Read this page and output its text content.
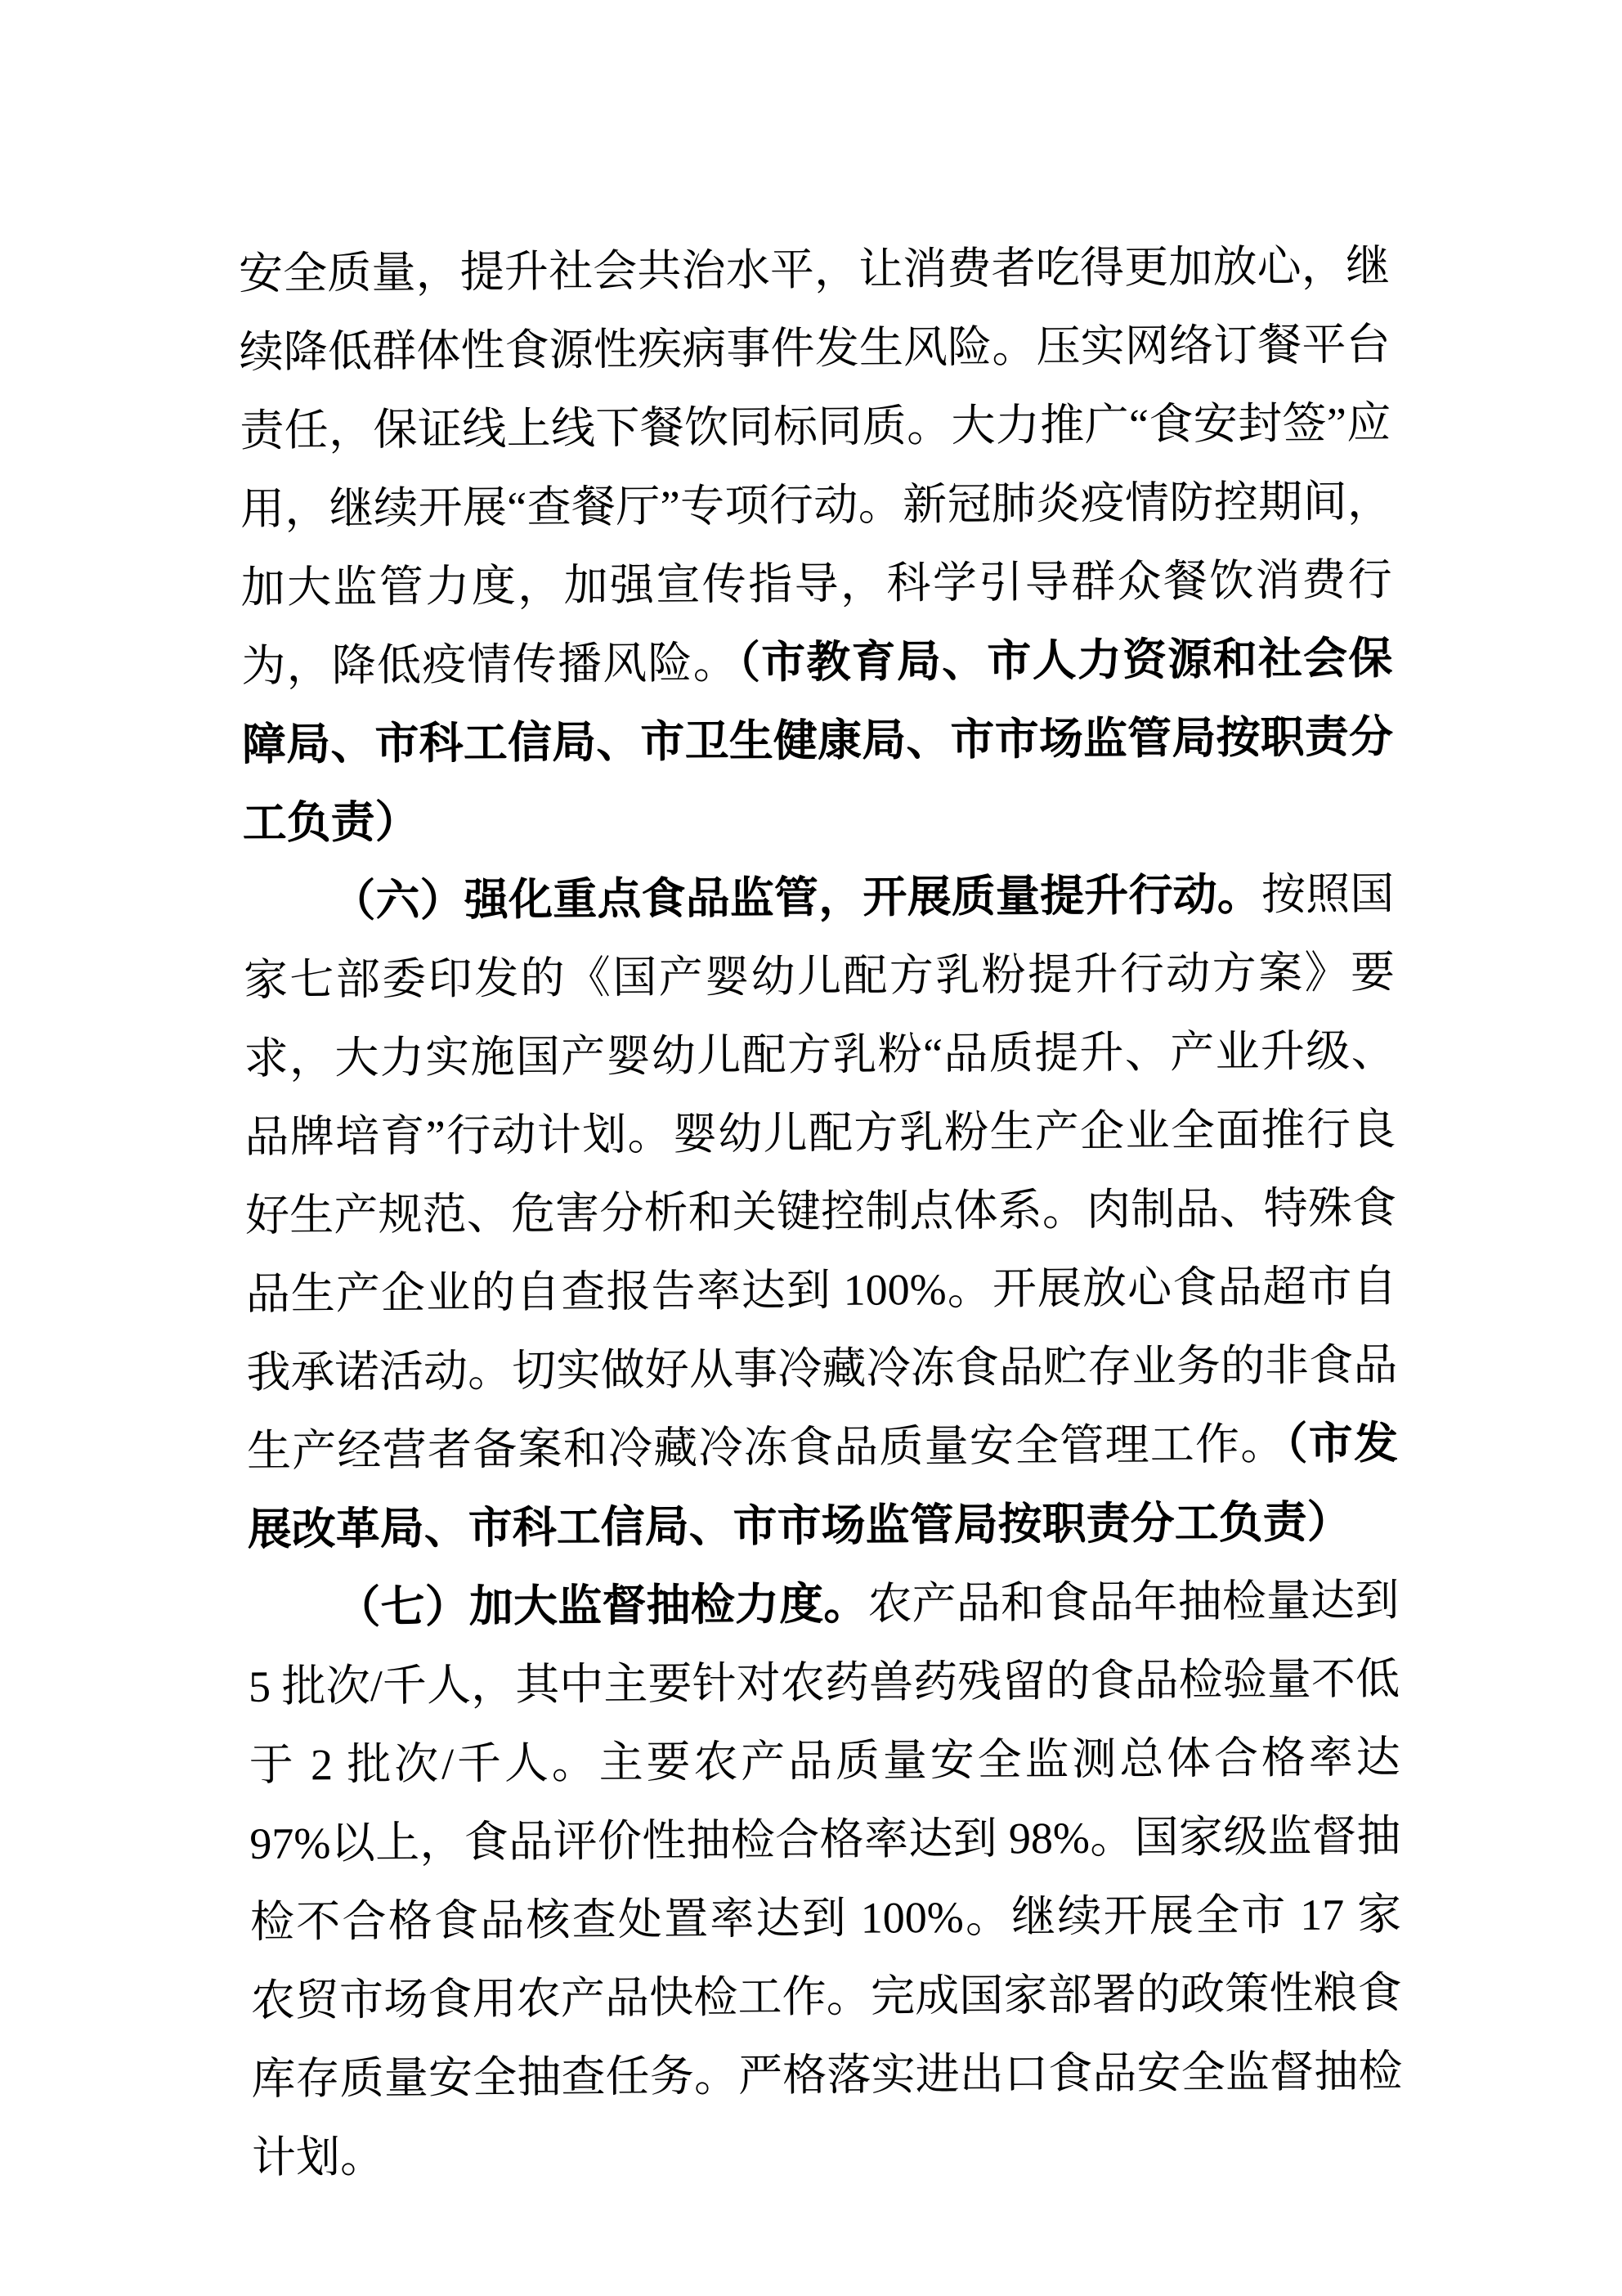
安全质量，提升社会共治水平，让消费者吃得更加放心，继续降低群体性食源性疾病事件发生风险。压实网络订餐平台责任，保证线上线下餐饮同标同质。大力推广“食安封签”应用，继续开展“查餐厅”专项行动。新冠肺炎疫情防控期间，加大监管力度，加强宣传指导，科学引导群众餐饮消费行为，降低疫情传播风险。（市教育局、市人力资源和社会保障局、市科工信局、市卫生健康局、市市场监管局按职责分工负责）

（六）强化重点食品监管，开展质量提升行动。按照国家七部委印发的《国产婴幼儿配方乳粉提升行动方案》要求，大力实施国产婴幼儿配方乳粉“品质提升、产业升级、品牌培育”行动计划。婴幼儿配方乳粉生产企业全面推行良好生产规范、危害分析和关键控制点体系。肉制品、特殊食品生产企业的自查报告率达到 100%。开展放心食品超市自我承诺活动。切实做好从事冷藏冷冻食品贮存业务的非食品生产经营者备案和冷藏冷冻食品质量安全管理工作。（市发展改革局、市科工信局、市市场监管局按职责分工负责）

（七）加大监督抽检力度。农产品和食品年抽检量达到 5 批次/千人，其中主要针对农药兽药残留的食品检验量不低于 2 批次/千人。主要农产品质量安全监测总体合格率达 97%以上，食品评价性抽检合格率达到 98%。国家级监督抽检不合格食品核查处置率达到 100%。继续开展全市 17 家农贸市场食用农产品快检工作。完成国家部署的政策性粮食库存质量安全抽查任务。严格落实进出口食品安全监督抽检计划。
